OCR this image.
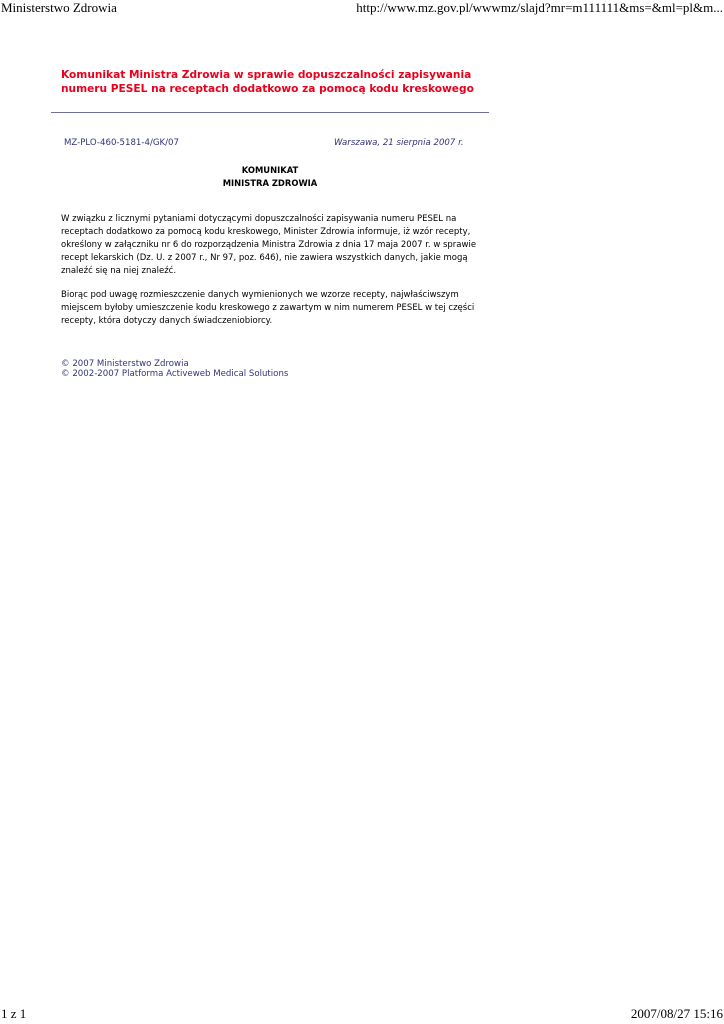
Ministerstwo Zdrowia	http://www.mz.gov.pl/wwwmz/slajd?mr=m111111&ms=&ml=pl&m...
Komunikat Ministra Zdrowia w sprawie dopuszczalności zapisywania
numeru PESEL na receptach dodatkowo za pomocą kodu kreskowego
MZ-PLO-460-5181-4/GK/07	Warszawa, 21 sierpnia 2007 r.
KOMUNIKAT
MINISTRA ZDROWIA
W związku z licznymi pytaniami dotyczącymi dopuszczalności zapisywania numeru PESEL na
receptach dodatkowo za pomocą kodu kreskowego, Minister Zdrowia informuje, iż wzór recepty,
określony w załączniku nr 6 do rozporządzenia Ministra Zdrowia z dnia 17 maja 2007 r. w sprawie
recept lekarskich (Dz. U. z 2007 r., Nr 97, poz. 646), nie zawiera wszystkich danych, jakie mogą
znaleźć się na niej znaleźć.
Biorąc pod uwagę rozmieszczenie danych wymienionych we wzorze recepty, najwłaściwszym
miejscem byłoby umieszczenie kodu kreskowego z zawartym w nim numerem PESEL w tej części
recepty, która dotyczy danych świadczeniobiorcy.
© 2007 Ministerstwo Zdrowia
© 2002-2007 Platforma Activeweb Medical Solutions
1 z 1	2007/08/27 15:16
